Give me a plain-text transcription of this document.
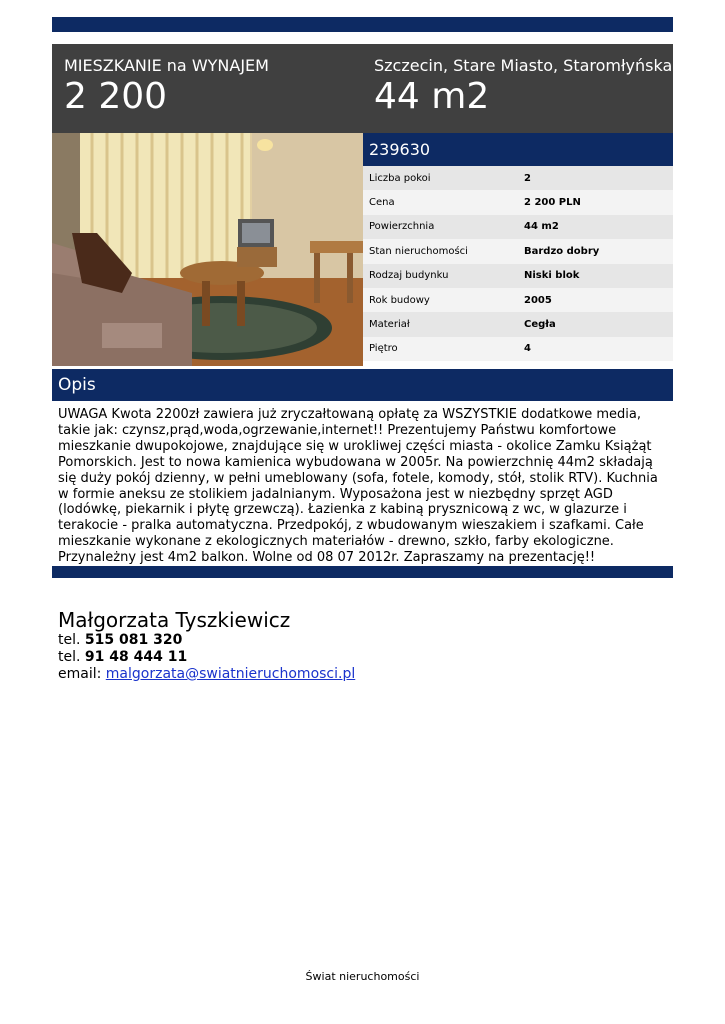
MIESZKANIE na WYNAJEM
2 200
Szczecin, Stare Miasto, Staromłyńska
44 m2
239630
Liczba pokoi	2
Cena	2 200 PLN
Powierzchnia	44 m2
Stan nieruchomości	Bardzo dobry
Rodzaj budynku	Niski blok
Rok budowy	2005
Materiał	Cegła
Piętro	4
Opis
UWAGA Kwota 2200zł zawiera już zryczałtowaną opłatę za WSZYSTKIE dodatkowe media, takie jak: czynsz,prąd,woda,ogrzewanie,internet!! Prezentujemy Państwu komfortowe mieszkanie dwupokojowe, znajdujące się w urokliwej części miasta - okolice Zamku Książąt Pomorskich. Jest to nowa kamienica wybudowana w 2005r. Na powierzchnię 44m2 składają się duży pokój dzienny, w pełni umeblowany (sofa, fotele, komody, stół, stolik RTV). Kuchnia w formie aneksu ze stolikiem jadalnianym. Wyposażona jest w niezbędny sprzęt AGD (lodówkę, piekarnik i płytę grzewczą). Łazienka z kabiną prysznicową z wc, w glazurze i terakocie - pralka automatyczna. Przedpokój, z wbudowanym wieszakiem i szafkami. Całe mieszkanie wykonane z ekologicznych materiałów - drewno, szkło, farby ekologiczne. Przynależny jest 4m2 balkon. Wolne od 08 07 2012r. Zapraszamy na prezentację!!
Małgorzata Tyszkiewicz
tel. 515 081 320
tel. 91 48 444 11
email: malgorzata@swiatnieruchomosci.pl
Świat nieruchomości
